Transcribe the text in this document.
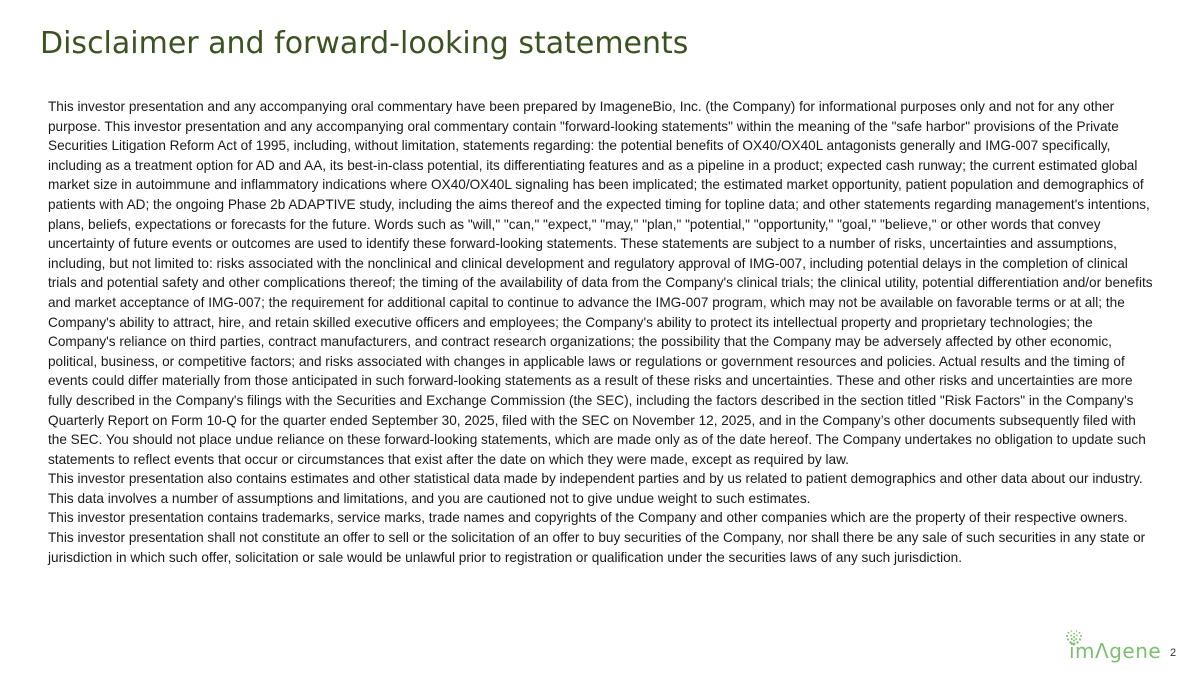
Disclaimer and forward-looking statements

This investor presentation and any accompanying oral commentary have been prepared by ImageneBio, Inc. (the Company) for informational purposes only and not for any other purpose. This investor presentation and any accompanying oral commentary contain "forward-looking statements" within the meaning of the "safe harbor" provisions of the Private Securities Litigation Reform Act of 1995, including, without limitation, statements regarding: the potential benefits of OX40/OX40L antagonists generally and IMG-007 specifically, including as a treatment option for AD and AA, its best-in-class potential, its differentiating features and as a pipeline in a product; expected cash runway; the current estimated global market size in autoimmune and inflammatory indications where OX40/OX40L signaling has been implicated; the estimated market opportunity, patient population and demographics of patients with AD; the ongoing Phase 2b ADAPTIVE study, including the aims thereof and the expected timing for topline data; and other statements regarding management's intentions, plans, beliefs, expectations or forecasts for the future. Words such as "will," "can," "expect," "may," "plan," "potential," "opportunity," "goal," "believe," or other words that convey uncertainty of future events or outcomes are used to identify these forward-looking statements. These statements are subject to a number of risks, uncertainties and assumptions, including, but not limited to: risks associated with the nonclinical and clinical development and regulatory approval of IMG-007, including potential delays in the completion of clinical trials and potential safety and other complications thereof; the timing of the availability of data from the Company's clinical trials; the clinical utility, potential differentiation and/or benefits and market acceptance of IMG-007; the requirement for additional capital to continue to advance the IMG-007 program, which may not be available on favorable terms or at all; the Company's ability to attract, hire, and retain skilled executive officers and employees; the Company's ability to protect its intellectual property and proprietary technologies; the Company's reliance on third parties, contract manufacturers, and contract research organizations; the possibility that the Company may be adversely affected by other economic, political, business, or competitive factors; and risks associated with changes in applicable laws or regulations or government resources and policies. Actual results and the timing of events could differ materially from those anticipated in such forward-looking statements as a result of these risks and uncertainties. These and other risks and uncertainties are more fully described in the Company's filings with the Securities and Exchange Commission (the SEC), including the factors described in the section titled "Risk Factors" in the Company's Quarterly Report on Form 10-Q for the quarter ended September 30, 2025, filed with the SEC on November 12, 2025, and in the Company’s other documents subsequently filed with the SEC. You should not place undue reliance on these forward-looking statements, which are made only as of the date hereof. The Company undertakes no obligation to update such statements to reflect events that occur or circumstances that exist after the date on which they were made, except as required by law.

This investor presentation also contains estimates and other statistical data made by independent parties and by us related to patient demographics and other data about our industry. This data involves a number of assumptions and limitations, and you are cautioned not to give undue weight to such estimates.

This investor presentation contains trademarks, service marks, trade names and copyrights of the Company and other companies which are the property of their respective owners.

This investor presentation shall not constitute an offer to sell or the solicitation of an offer to buy securities of the Company, nor shall there be any sale of such securities in any state or jurisdiction in which such offer, solicitation or sale would be unlawful prior to registration or qualification under the securities laws of any such jurisdiction.

imΛgene 2
